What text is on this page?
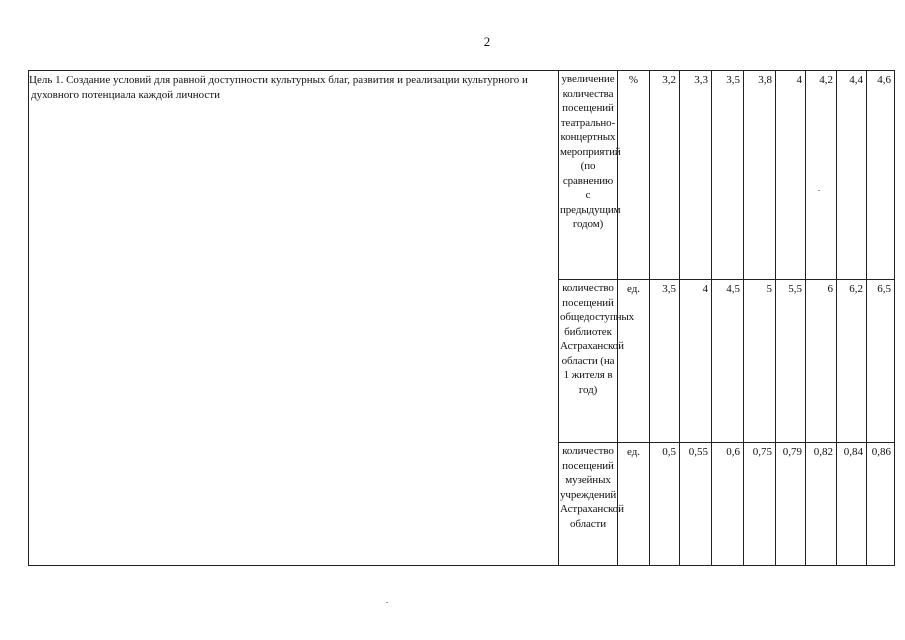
2
Цель 1. Создание условий для равной доступности культурных благ, развития и реализации культурного и духовного потенциала каждой личности	увеличение количества посещений театрально-концертных мероприятий (по сравнению с предыдущим годом)	%	3,2	3,3	3,5	3,8	4	4,2	4,4	4,6
	количество посещений общедоступных библиотек Астраханской области (на 1 жителя в год)	ед.	3,5	4	4,5	5	5,5	6	6,2	6,5
	количество посещений музейных учреждений Астраханской области	ед.	0,5	0,55	0,6	0,75	0,79	0,82	0,84	0,86
